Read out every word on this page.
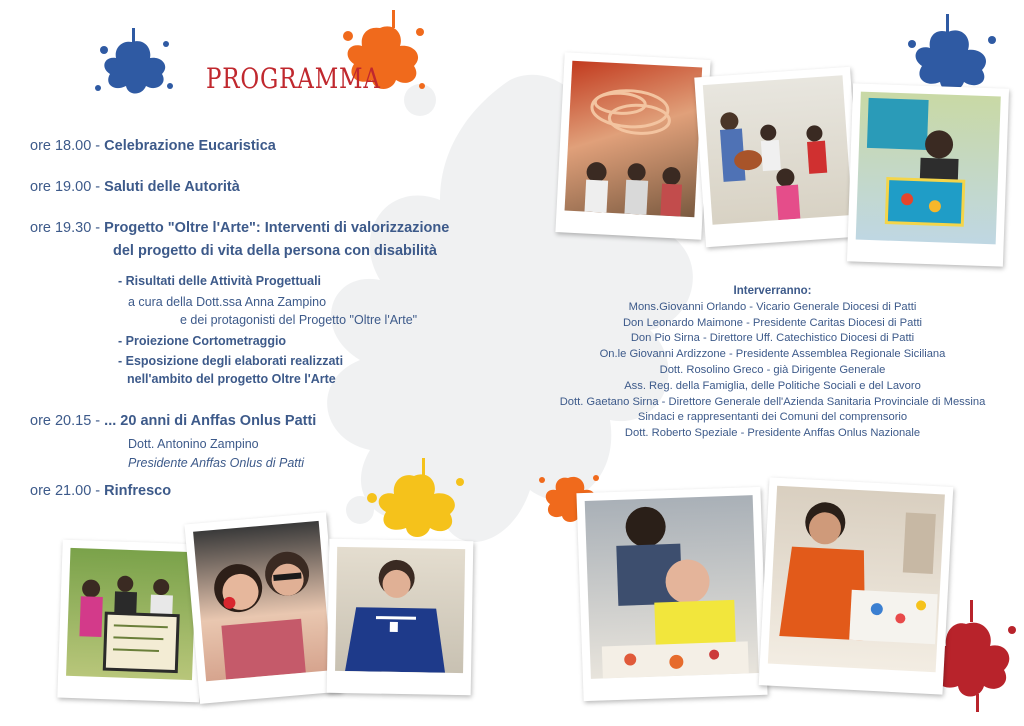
PROGRAMMA
ore 18.00 - Celebrazione Eucaristica
ore 19.00 - Saluti delle Autorità
ore 19.30 - Progetto "Oltre l'Arte": Interventi di valorizzazione
del progetto di vita della persona con disabilità
- Risultati delle Attività Progettuali
a cura della Dott.ssa Anna Zampino
e dei protagonisti del Progetto "Oltre l'Arte"
- Proiezione Cortometraggio
- Esposizione degli elaborati realizzati
nell'ambito del progetto Oltre l'Arte
ore 20.15 - ... 20 anni di Anffas Onlus Patti
Dott. Antonino Zampino
Presidente Anffas Onlus di Patti
ore 21.00 - Rinfresco
Interverranno:
Mons.Giovanni Orlando - Vicario Generale Diocesi di Patti
Don Leonardo Maimone - Presidente Caritas Diocesi di Patti
Don Pio Sirna - Direttore Uff. Catechistico Diocesi di Patti
On.le Giovanni Ardizzone - Presidente Assemblea Regionale Siciliana
Dott. Rosolino Greco - già Dirigente Generale
Ass. Reg. della Famiglia, delle Politiche Sociali e del Lavoro
Dott. Gaetano Sirna - Direttore Generale dell'Azienda Sanitaria Provinciale di Messina
Sindaci e rappresentanti dei Comuni del comprensorio
Dott. Roberto Speziale - Presidente Anffas Onlus Nazionale
